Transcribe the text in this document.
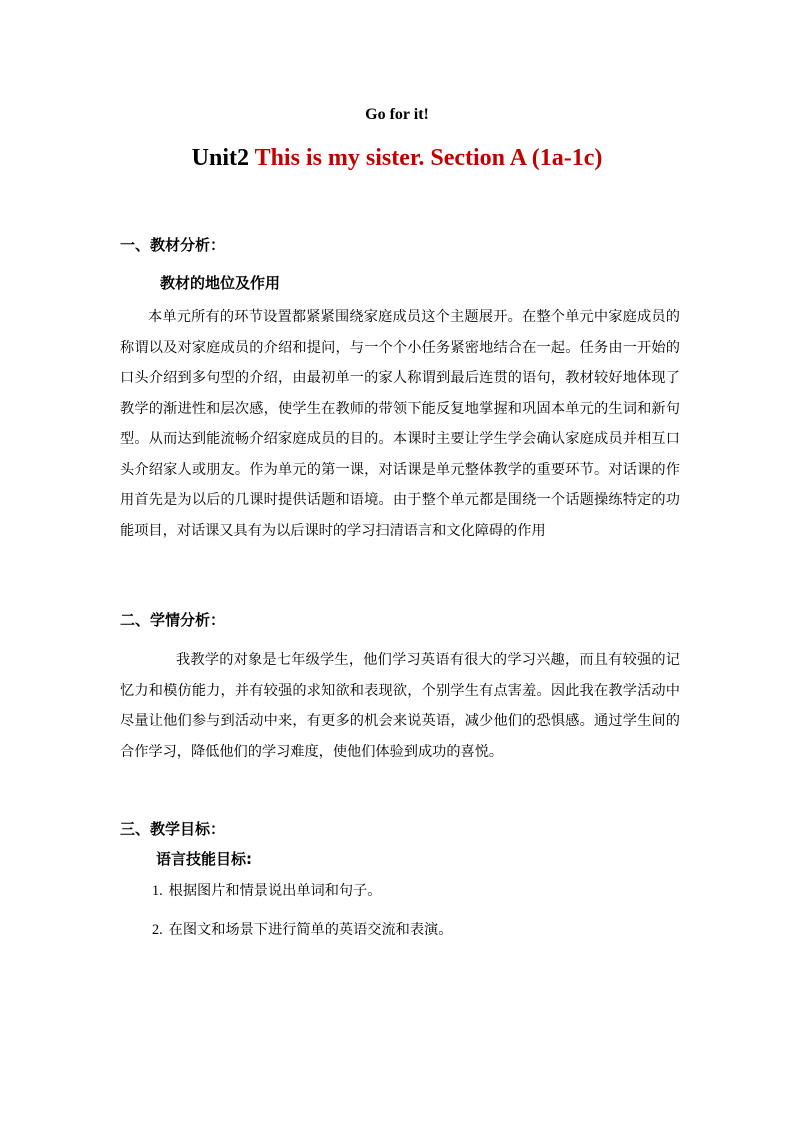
Go for it!
Unit2 This is my sister. Section A (1a-1c)
一、教材分析：
教材的地位及作用

本单元所有的环节设置都紧紧围绕家庭成员这个主题展开。在整个单元中家庭成员的称谓以及对家庭成员的介绍和提问，与一个个小任务紧密地结合在一起。任务由一开始的口头介绍到多句型的介绍，由最初单一的家人称谓到最后连贯的语句，教材较好地体现了教学的渐进性和层次感，使学生在教师的带领下能反复地掌握和巩固本单元的生词和新句型。从而达到能流畅介绍家庭成员的目的。本课时主要让学生学会确认家庭成员并相互口头介绍家人或朋友。作为单元的第一课，对话课是单元整体教学的重要环节。对话课的作用首先是为以后的几课时提供话题和语境。由于整个单元都是围绕一个话题操练特定的功能项目，对话课又具有为以后课时的学习扫清语言和文化障碍的作用

二、学情分析：

我教学的对象是七年级学生，他们学习英语有很大的学习兴趣，而且有较强的记忆力和模仿能力，并有较强的求知欲和表现欲，个别学生有点害羞。因此我在教学活动中尽量让他们参与到活动中来，有更多的机会来说英语，减少他们的恐惧感。通过学生间的合作学习，降低他们的学习难度，使他们体验到成功的喜悦。

三、教学目标：
语言技能目标:
1. 根据图片和情景说出单词和句子。
2. 在图文和场景下进行简单的英语交流和表演。
